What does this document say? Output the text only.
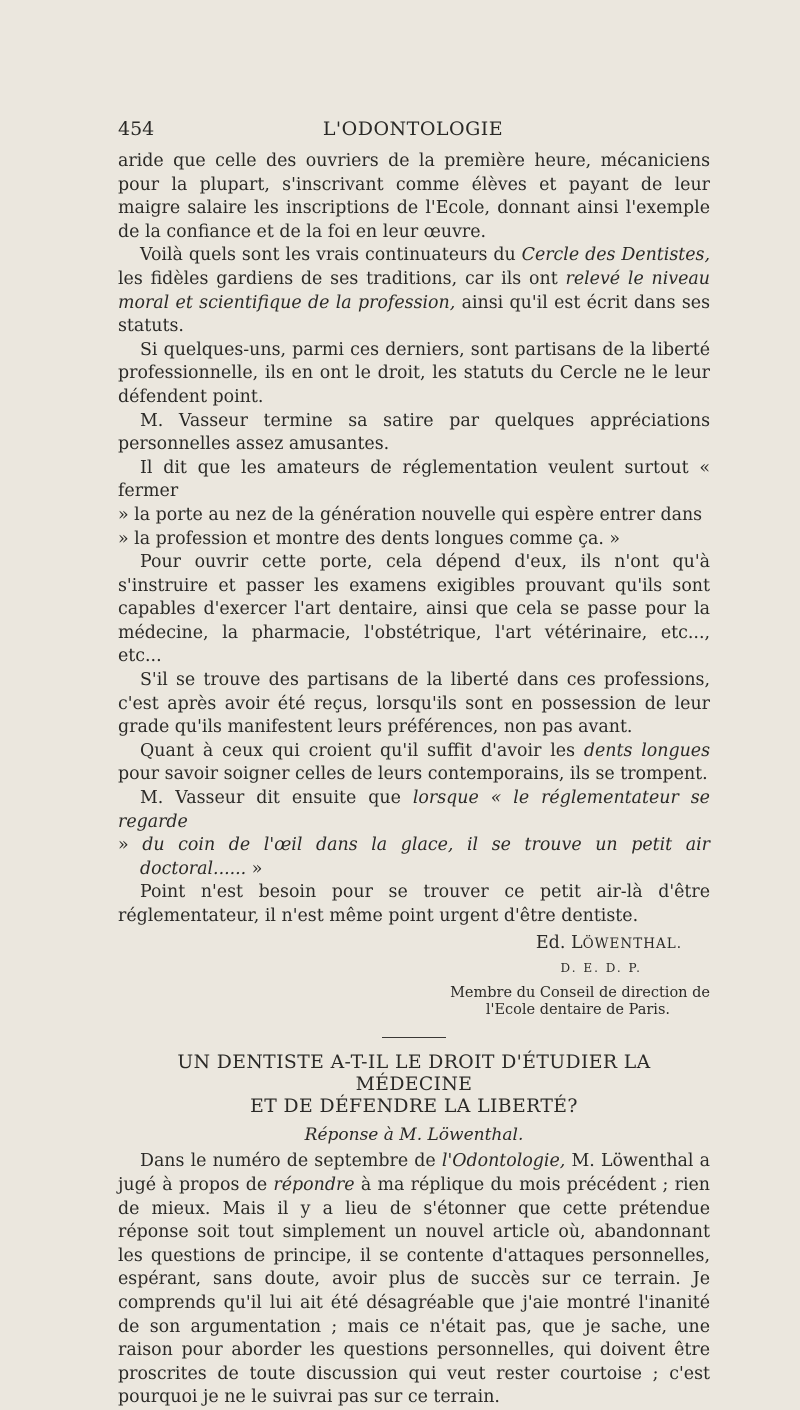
454	L'ODONTOLOGIE

aride que celle des ouvriers de la première heure, mécaniciens pour la plupart, s'inscrivant comme élèves et payant de leur maigre salaire les inscriptions de l'Ecole, donnant ainsi l'exemple de la confiance et de la foi en leur œuvre.

Voilà quels sont les vrais continuateurs du Cercle des Dentistes, les fidèles gardiens de ses traditions, car ils ont relevé le niveau moral et scientifique de la profession, ainsi qu'il est écrit dans ses statuts.

Si quelques-uns, parmi ces derniers, sont partisans de la liberté professionnelle, ils en ont le droit, les statuts du Cercle ne le leur défendent point.

M. Vasseur termine sa satire par quelques appréciations personnelles assez amusantes.

Il dit que les amateurs de réglementation veulent surtout « fermer

» la porte au nez de la génération nouvelle qui espère entrer dans

» la profession et montre des dents longues comme ça. »

Pour ouvrir cette porte, cela dépend d'eux, ils n'ont qu'à s'instruire et passer les examens exigibles prouvant qu'ils sont capables d'exercer l'art dentaire, ainsi que cela se passe pour la médecine, la pharmacie, l'obstétrique, l'art vétérinaire, etc..., etc...

S'il se trouve des partisans de la liberté dans ces professions, c'est après avoir été reçus, lorsqu'ils sont en possession de leur grade qu'ils manifestent leurs préférences, non pas avant.

Quant à ceux qui croient qu'il suffit d'avoir les dents longues pour savoir soigner celles de leurs contemporains, ils se trompent.

M. Vasseur dit ensuite que lorsque « le réglementateur se regarde

» du coin de l'œil dans la glace, il se trouve un petit air doctoral...... »

Point n'est besoin pour se trouver ce petit air-là d'être réglementateur, il n'est même point urgent d'être dentiste.

Ed. LÖWENTHAL.
D. E. D. P.
Membre du Conseil de direction de
l'Ecole dentaire de Paris.
UN DENTISTE A-T-IL LE DROIT D'ÉTUDIER LA MÉDECINE
ET DE DÉFENDRE LA LIBERTÉ?
Réponse à M. Löwenthal.

Dans le numéro de septembre de l'Odontologie, M. Löwenthal a jugé à propos de répondre à ma réplique du mois précédent ; rien de mieux. Mais il y a lieu de s'étonner que cette prétendue réponse soit tout simplement un nouvel article où, abandonnant les questions de principe, il se contente d'attaques personnelles, espérant, sans doute, avoir plus de succès sur ce terrain. Je comprends qu'il lui ait été désagréable que j'aie montré l'inanité de son argumentation ; mais ce n'était pas, que je sache, une raison pour aborder les questions personnelles, qui doivent être proscrites de toute discussion qui veut rester courtoise ; c'est pourquoi je ne le suivrai pas sur ce terrain.
